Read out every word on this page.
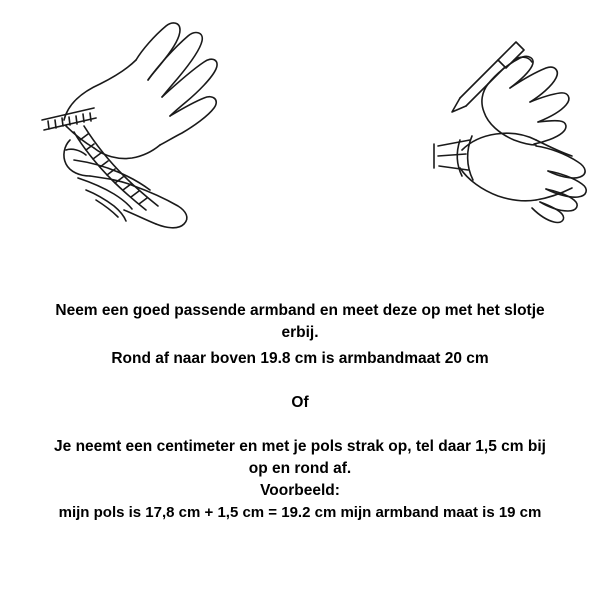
Neem een goed passende armband en meet deze op met het slotje
erbij.
Rond af naar boven 19.8 cm is armbandmaat 20 cm
Of
Je neemt een centimeter en met je pols strak op, tel daar 1,5 cm bij
op en rond af.
Voorbeeld:
mijn pols is 17,8 cm + 1,5 cm = 19.2 cm mijn armband maat is 19 cm
